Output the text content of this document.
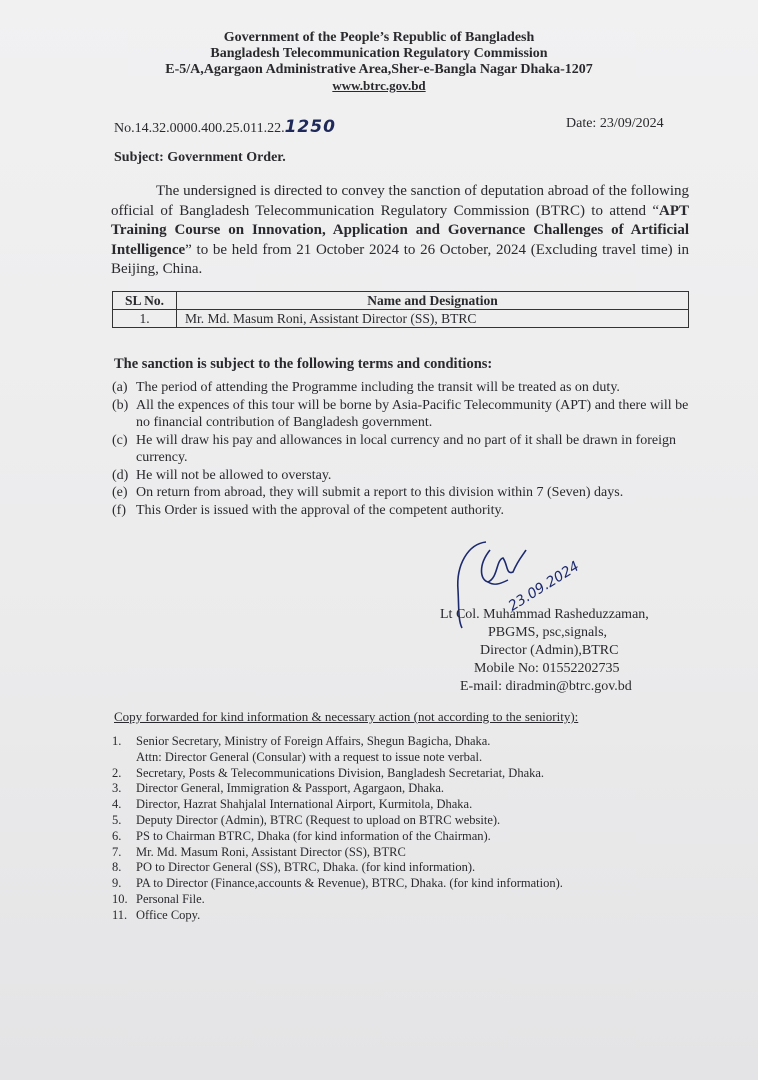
Government of the People’s Republic of Bangladesh
Bangladesh Telecommunication Regulatory Commission
E-5/A,Agargaon Administrative Area,Sher-e-Bangla Nagar Dhaka-1207
www.btrc.gov.bd
No.14.32.0000.400.25.011.22.1250	Date: 23/09/2024
Subject: Government Order.
The undersigned is directed to convey the sanction of deputation abroad of the following official of Bangladesh Telecommunication Regulatory Commission (BTRC) to attend “APT Training Course on Innovation, Application and Governance Challenges of Artificial Intelligence” to be held from 21 October 2024 to 26 October, 2024 (Excluding travel time) in Beijing, China.
SL No.	Name and Designation
1.	Mr. Md. Masum Roni, Assistant Director (SS), BTRC
The sanction is subject to the following terms and conditions:
(a) The period of attending the Programme including the transit will be treated as on duty.
(b) All the expences of this tour will be borne by Asia-Pacific Telecommunity (APT) and there will be no financial contribution of Bangladesh government.
(c) He will draw his pay and allowances in local currency and no part of it shall be drawn in foreign currency.
(d) He will not be allowed to overstay.
(e) On return from abroad, they will submit a report to this division within 7 (Seven) days.
(f) This Order is issued with the approval of the competent authority.
23.09.2024
Lt Col. Muhammad Rasheduzzaman,
PBGMS, psc,signals,
Director (Admin),BTRC
Mobile No: 01552202735
E-mail: diradmin@btrc.gov.bd
Copy forwarded for kind information & necessary action (not according to the seniority):
1. Senior Secretary, Ministry of Foreign Affairs, Shegun Bagicha, Dhaka.
Attn: Director General (Consular) with a request to issue note verbal.
2. Secretary, Posts & Telecommunications Division, Bangladesh Secretariat, Dhaka.
3. Director General, Immigration & Passport, Agargaon, Dhaka.
4. Director, Hazrat Shahjalal International Airport, Kurmitola, Dhaka.
5. Deputy Director (Admin), BTRC (Request to upload on BTRC website).
6. PS to Chairman BTRC, Dhaka (for kind information of the Chairman).
7. Mr. Md. Masum Roni, Assistant Director (SS), BTRC
8. PO to Director General (SS), BTRC, Dhaka. (for kind information).
9. PA to Director (Finance,accounts & Revenue), BTRC, Dhaka. (for kind information).
10. Personal File.
11. Office Copy.
